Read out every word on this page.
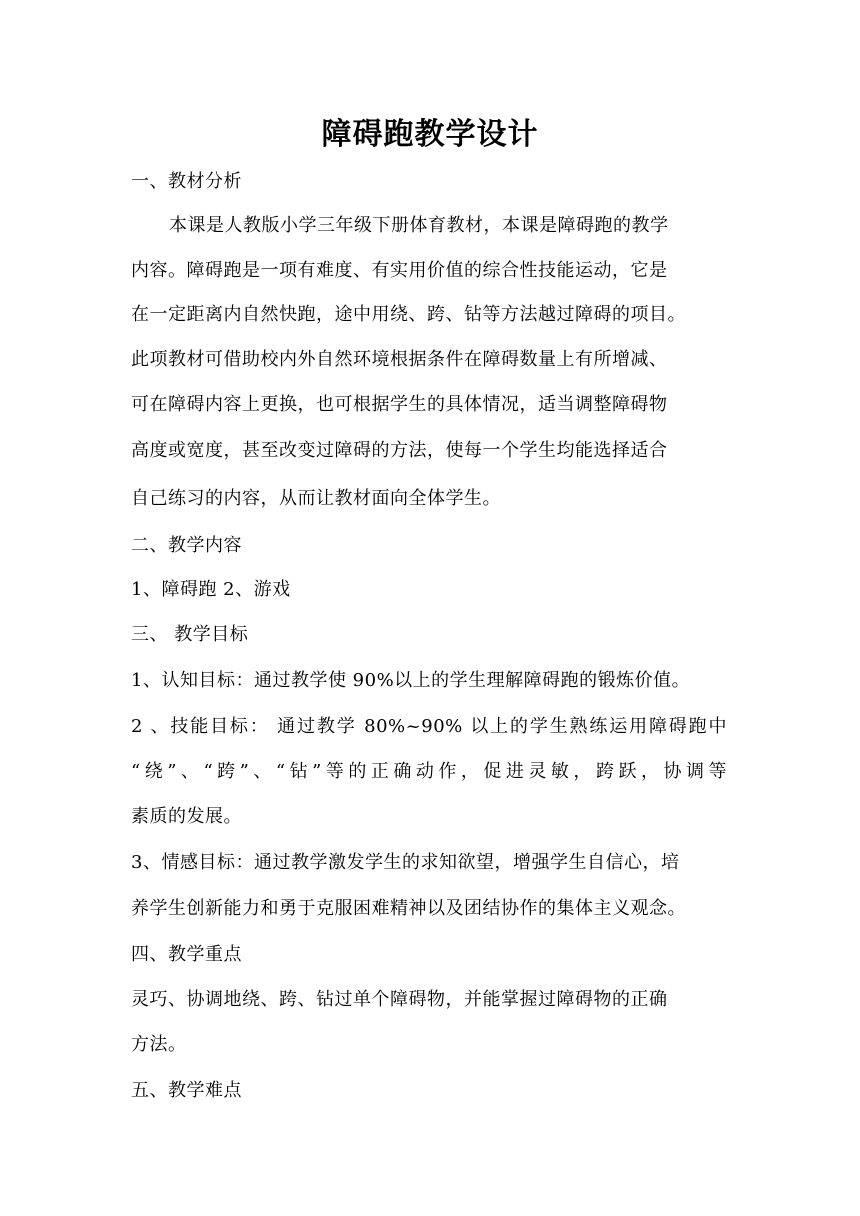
障碍跑教学设计
一、教材分析
本课是人教版小学三年级下册体育教材，本课是障碍跑的教学
内容。障碍跑是一项有难度、有实用价值的综合性技能运动，它是
在一定距离内自然快跑，途中用绕、跨、钻等方法越过障碍的项目。
此项教材可借助校内外自然环境根据条件在障碍数量上有所增减、
可在障碍内容上更换，也可根据学生的具体情况，适当调整障碍物
高度或宽度，甚至改变过障碍的方法，使每一个学生均能选择适合
自己练习的内容，从而让教材面向全体学生。
二、教学内容
1、障碍跑 2、游戏
三、 教学目标
1、认知目标：通过教学使 90%以上的学生理解障碍跑的锻炼价值。
2 、技能目标： 通过教学 80%~90% 以上的学生熟练运用障碍跑中
“绕”、“跨”、“钻”等的正确动作，促进灵敏，跨跃，协调等
素质的发展。
3、情感目标：通过教学激发学生的求知欲望，增强学生自信心，培
养学生创新能力和勇于克服困难精神以及团结协作的集体主义观念。
四、教学重点
灵巧、协调地绕、跨、钻过单个障碍物，并能掌握过障碍物的正确
方法。
五、教学难点
